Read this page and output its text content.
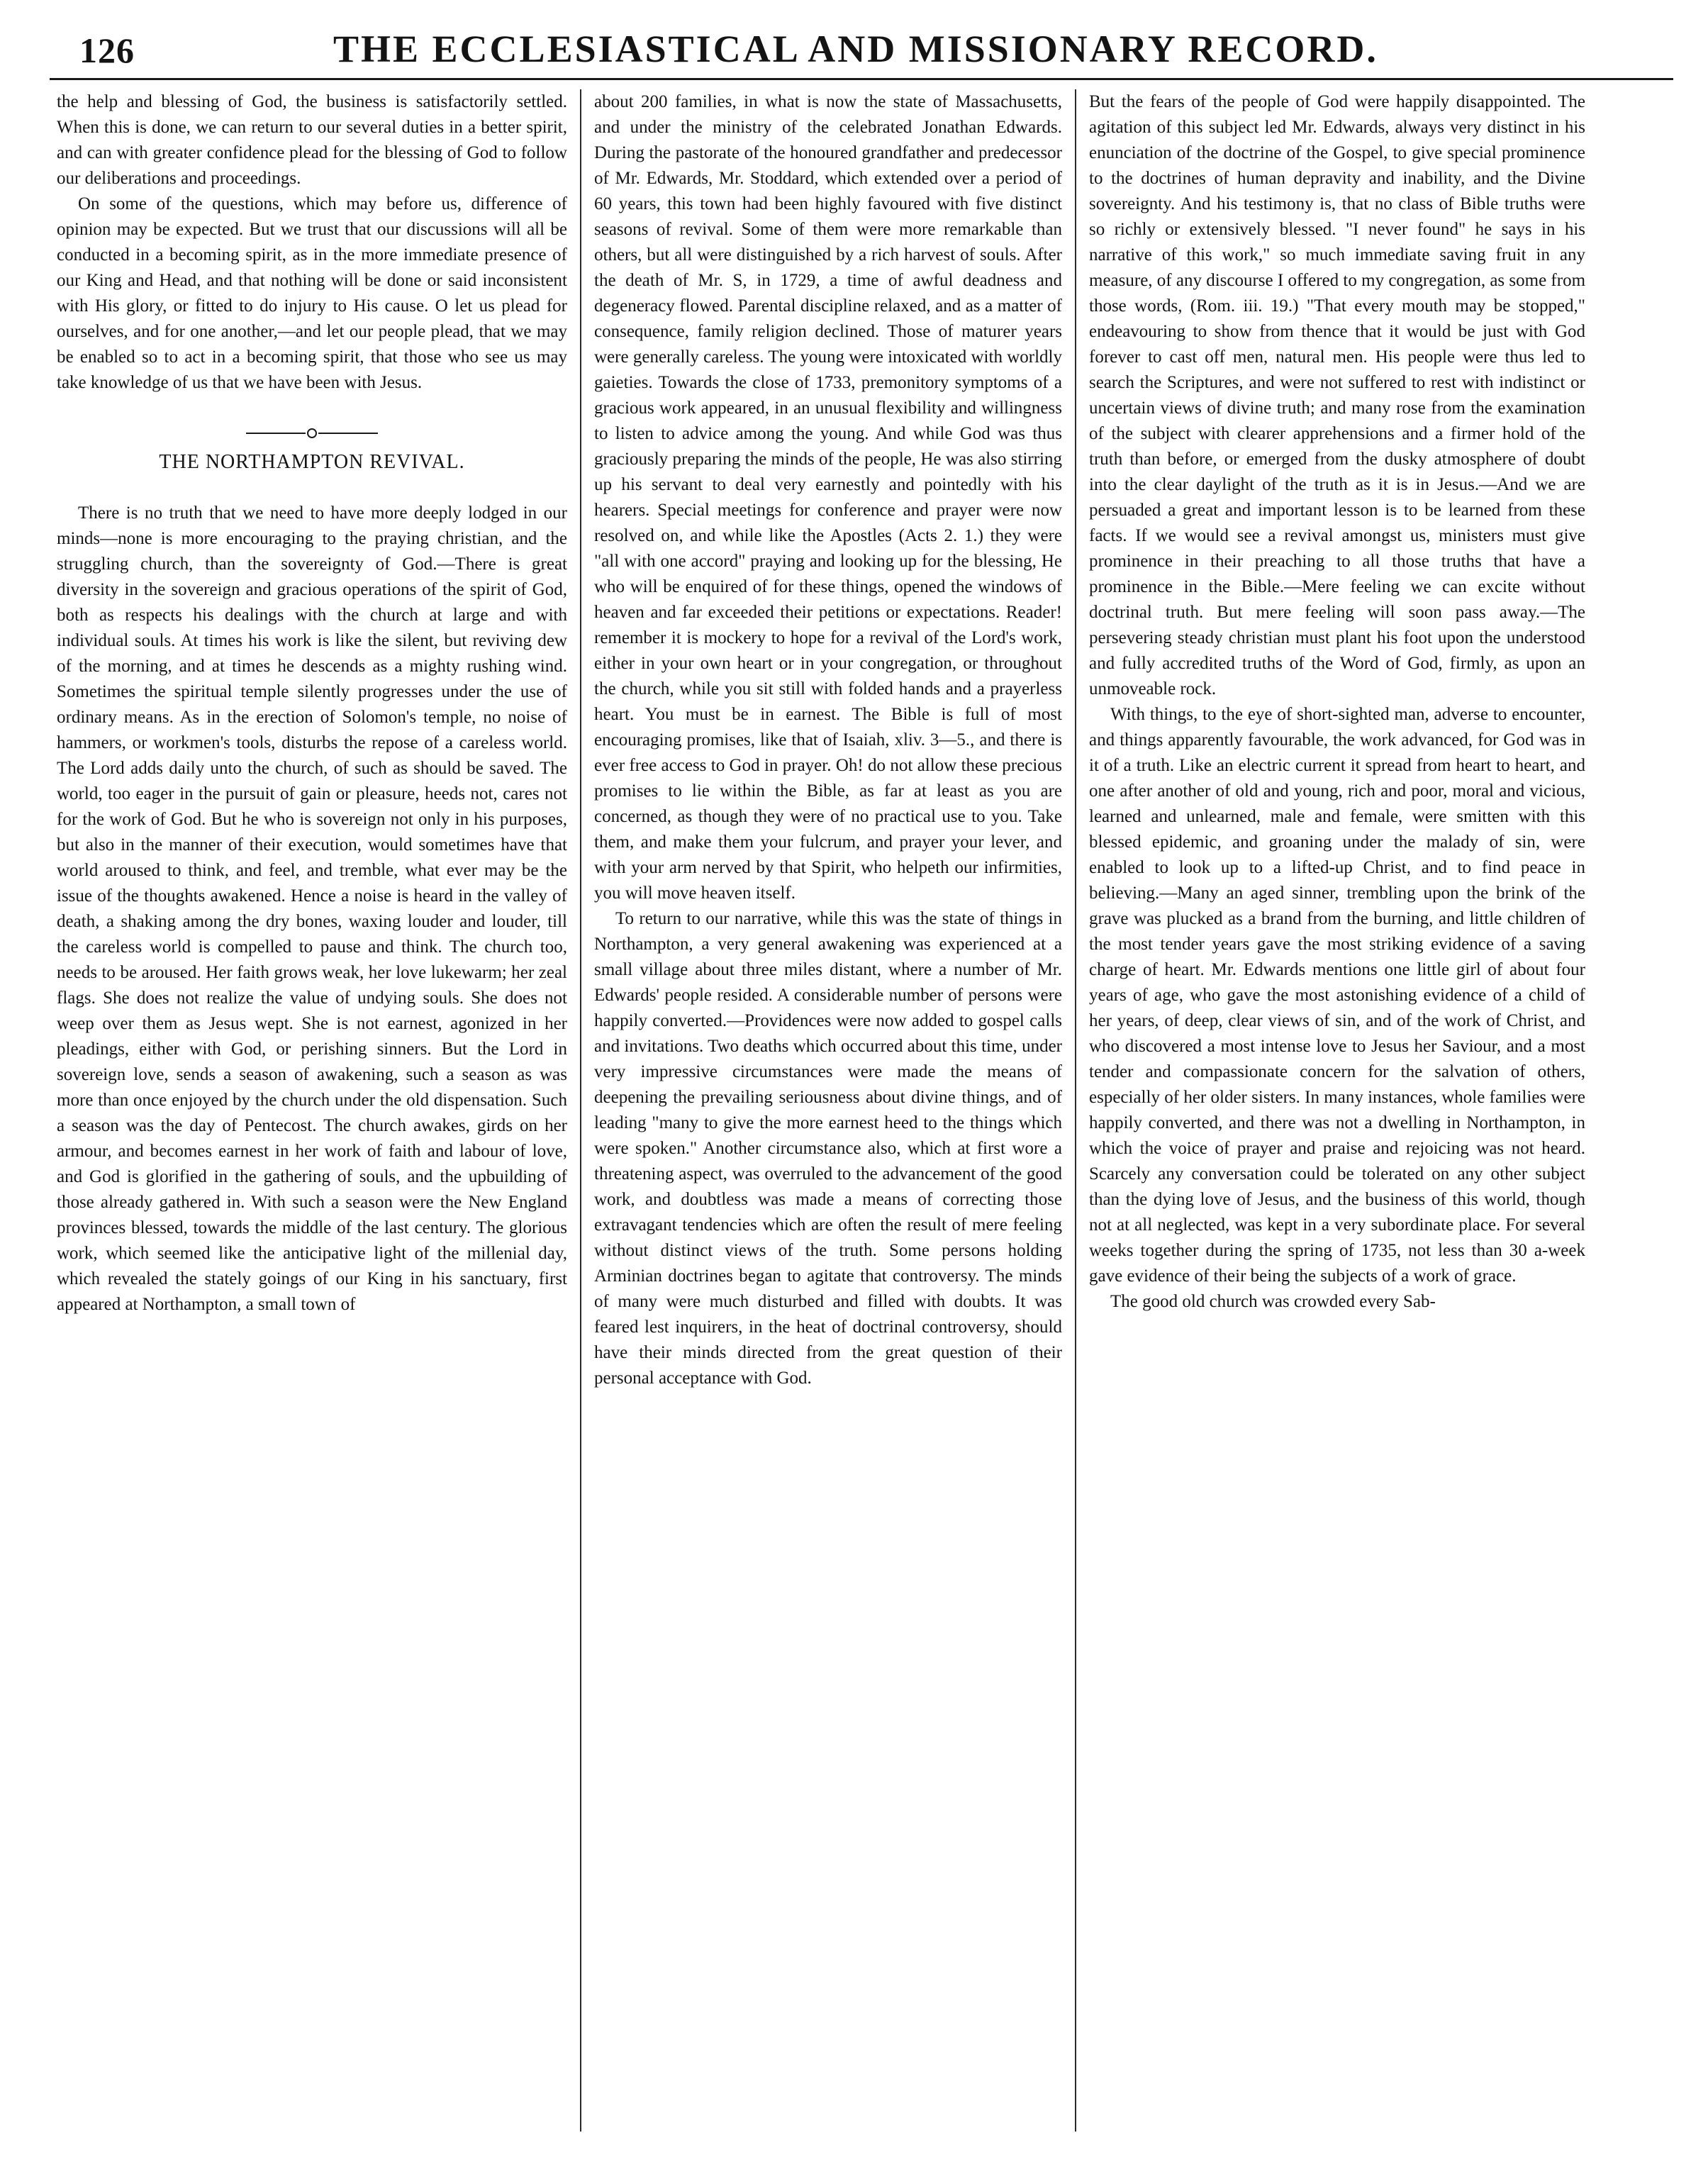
126	THE ECCLESIASTICAL AND MISSIONARY RECORD.

the help and blessing of God, the business is satisfactorily settled. When this is done, we can return to our several duties in a better spirit, and can with greater confidence plead for the blessing of God to follow our deliberations and proceedings.

On some of the questions, which may before us, difference of opinion may be expected. But we trust that our discussions will all be conducted in a becoming spirit, as in the more immediate presence of our King and Head, and that nothing will be done or said inconsistent with His glory, or fitted to do injury to His cause. O let us plead for ourselves, and for one another,—and let our people plead, that we may be enabled so to act in a becoming spirit, that those who see us may take knowledge of us that we have been with Jesus.

THE NORTHAMPTON REVIVAL.

There is no truth that we need to have more deeply lodged in our minds—none is more encouraging to the praying christian, and the struggling church, than the sovereignty of God.—There is great diversity in the sovereign and gracious operations of the spirit of God, both as respects his dealings with the church at large and with individual souls. At times his work is like the silent, but reviving dew of the morning, and at times he descends as a mighty rushing wind. Sometimes the spiritual temple silently progresses under the use of ordinary means. As in the erection of Solomon's temple, no noise of hammers, or workmen's tools, disturbs the repose of a careless world. The Lord adds daily unto the church, of such as should be saved. The world, too eager in the pursuit of gain or pleasure, heeds not, cares not for the work of God. But he who is sovereign not only in his purposes, but also in the manner of their execution, would sometimes have that world aroused to think, and feel, and tremble, what ever may be the issue of the thoughts awakened. Hence a noise is heard in the valley of death, a shaking among the dry bones, waxing louder and louder, till the careless world is compelled to pause and think. The church too, needs to be aroused. Her faith grows weak, her love lukewarm; her zeal flags. She does not realize the value of undying souls. She does not weep over them as Jesus wept. She is not earnest, agonized in her pleadings, either with God, or perishing sinners. But the Lord in sovereign love, sends a season of awakening, such a season as was more than once enjoyed by the church under the old dispensation. Such a season was the day of Pentecost. The church awakes, girds on her armour, and becomes earnest in her work of faith and labour of love, and God is glorified in the gathering of souls, and the upbuilding of those already gathered in. With such a season were the New England provinces blessed, towards the middle of the last century. The glorious work, which seemed like the anticipative light of the millenial day, which revealed the stately goings of our King in his sanctuary, first appeared at Northampton, a small town of

about 200 families, in what is now the state of Massachusetts, and under the ministry of the celebrated Jonathan Edwards. During the pastorate of the honoured grandfather and predecessor of Mr. Edwards, Mr. Stoddard, which extended over a period of 60 years, this town had been highly favoured with five distinct seasons of revival. Some of them were more remarkable than others, but all were distinguished by a rich harvest of souls. After the death of Mr. S, in 1729, a time of awful deadness and degeneracy flowed. Parental discipline relaxed, and as a matter of consequence, family religion declined. Those of maturer years were generally careless. The young were intoxicated with worldly gaieties. Towards the close of 1733, premonitory symptoms of a gracious work appeared, in an unusual flexibility and willingness to listen to advice among the young. And while God was thus graciously preparing the minds of the people, He was also stirring up his servant to deal very earnestly and pointedly with his hearers. Special meetings for conference and prayer were now resolved on, and while like the Apostles (Acts 2. 1.) they were "all with one accord" praying and looking up for the blessing, He who will be enquired of for these things, opened the windows of heaven and far exceeded their petitions or expectations. Reader! remember it is mockery to hope for a revival of the Lord's work, either in your own heart or in your congregation, or throughout the church, while you sit still with folded hands and a prayerless heart. You must be in earnest. The Bible is full of most encouraging promises, like that of Isaiah, xliv. 3—5., and there is ever free access to God in prayer. Oh! do not allow these precious promises to lie within the Bible, as far at least as you are concerned, as though they were of no practical use to you. Take them, and make them your fulcrum, and prayer your lever, and with your arm nerved by that Spirit, who helpeth our infirmities, you will move heaven itself.

To return to our narrative, while this was the state of things in Northampton, a very general awakening was experienced at a small village about three miles distant, where a number of Mr. Edwards' people resided. A considerable number of persons were happily converted.—Providences were now added to gospel calls and invitations. Two deaths which occurred about this time, under very impressive circumstances were made the means of deepening the prevailing seriousness about divine things, and of leading "many to give the more earnest heed to the things which were spoken." Another circumstance also, which at first wore a threatening aspect, was overruled to the advancement of the good work, and doubtless was made a means of correcting those extravagant tendencies which are often the result of mere feeling without distinct views of the truth. Some persons holding Arminian doctrines began to agitate that controversy. The minds of many were much disturbed and filled with doubts. It was feared lest inquirers, in the heat of doctrinal controversy, should have their minds directed from the great question of their personal acceptance with God.

But the fears of the people of God were happily disappointed. The agitation of this subject led Mr. Edwards, always very distinct in his enunciation of the doctrine of the Gospel, to give special prominence to the doctrines of human depravity and inability, and the Divine sovereignty. And his testimony is, that no class of Bible truths were so richly or extensively blessed. "I never found" he says in his narrative of this work," so much immediate saving fruit in any measure, of any discourse I offered to my congregation, as some from those words, (Rom. iii. 19.) "That every mouth may be stopped," endeavouring to show from thence that it would be just with God forever to cast off men, natural men. His people were thus led to search the Scriptures, and were not suffered to rest with indistinct or uncertain views of divine truth; and many rose from the examination of the subject with clearer apprehensions and a firmer hold of the truth than before, or emerged from the dusky atmosphere of doubt into the clear daylight of the truth as it is in Jesus.—And we are persuaded a great and important lesson is to be learned from these facts. If we would see a revival amongst us, ministers must give prominence in their preaching to all those truths that have a prominence in the Bible.—Mere feeling we can excite without doctrinal truth. But mere feeling will soon pass away.—The persevering steady christian must plant his foot upon the understood and fully accredited truths of the Word of God, firmly, as upon an unmoveable rock.

With things, to the eye of short-sighted man, adverse to encounter, and things apparently favourable, the work advanced, for God was in it of a truth. Like an electric current it spread from heart to heart, and one after another of old and young, rich and poor, moral and vicious, learned and unlearned, male and female, were smitten with this blessed epidemic, and groaning under the malady of sin, were enabled to look up to a lifted-up Christ, and to find peace in believing.—Many an aged sinner, trembling upon the brink of the grave was plucked as a brand from the burning, and little children of the most tender years gave the most striking evidence of a saving charge of heart. Mr. Edwards mentions one little girl of about four years of age, who gave the most astonishing evidence of a child of her years, of deep, clear views of sin, and of the work of Christ, and who discovered a most intense love to Jesus her Saviour, and a most tender and compassionate concern for the salvation of others, especially of her older sisters. In many instances, whole families were happily converted, and there was not a dwelling in Northampton, in which the voice of prayer and praise and rejoicing was not heard. Scarcely any conversation could be tolerated on any other subject than the dying love of Jesus, and the business of this world, though not at all neglected, was kept in a very subordinate place. For several weeks together during the spring of 1735, not less than 30 a-week gave evidence of their being the subjects of a work of grace.

The good old church was crowded every Sab-
